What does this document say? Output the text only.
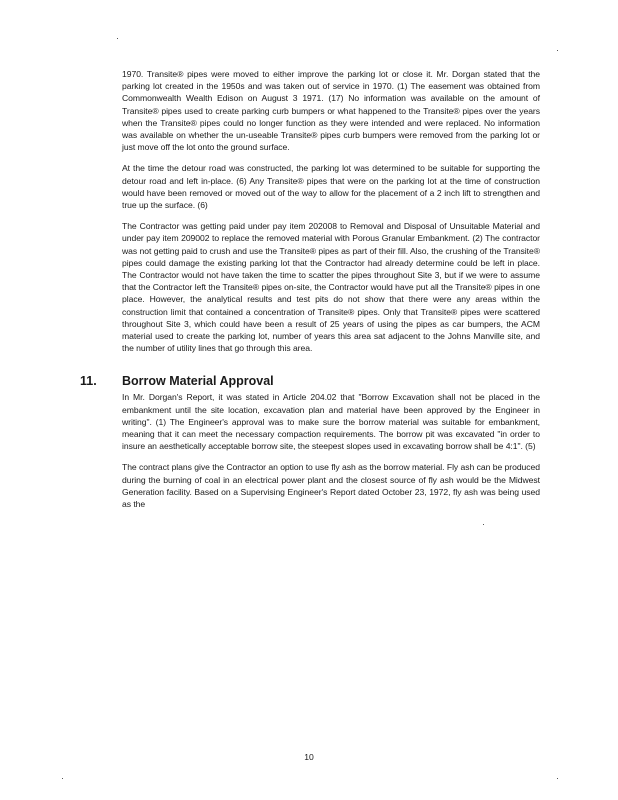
1970. Transite® pipes were moved to either improve the parking lot or close it. Mr. Dorgan stated that the parking lot created in the 1950s and was taken out of service in 1970. (1) The easement was obtained from Commonwealth Wealth Edison on August 3 1971. (17) No information was available on the amount of Transite® pipes used to create parking curb bumpers or what happened to the Transite® pipes over the years when the Transite® pipes could no longer function as they were intended and were replaced. No information was available on whether the un-useable Transite® pipes curb bumpers were removed from the parking lot or just move off the lot onto the ground surface.

At the time the detour road was constructed, the parking lot was determined to be suitable for supporting the detour road and left in-place. (6) Any Transite® pipes that were on the parking lot at the time of construction would have been removed or moved out of the way to allow for the placement of a 2 inch lift to strengthen and true up the surface. (6)

The Contractor was getting paid under pay item 202008 to Removal and Disposal of Unsuitable Material and under pay item 209002 to replace the removed material with Porous Granular Embankment. (2) The contractor was not getting paid to crush and use the Transite® pipes as part of their fill. Also, the crushing of the Transite® pipes could damage the existing parking lot that the Contractor had already determine could be left in place. The Contractor would not have taken the time to scatter the pipes throughout Site 3, but if we were to assume that the Contractor left the Transite® pipes on-site, the Contractor would have put all the Transite® pipes in one place. However, the analytical results and test pits do not show that there were any areas within the construction limit that contained a concentration of Transite® pipes. Only that Transite® pipes were scattered throughout Site 3, which could have been a result of 25 years of using the pipes as car bumpers, the ACM material used to create the parking lot, number of years this area sat adjacent to the Johns Manville site, and the number of utility lines that go through this area.

11. Borrow Material Approval

In Mr. Dorgan's Report, it was stated in Article 204.02 that "Borrow Excavation shall not be placed in the embankment until the site location, excavation plan and material have been approved by the Engineer in writing". (1) The Engineer's approval was to make sure the borrow material was suitable for embankment, meaning that it can meet the necessary compaction requirements. The borrow pit was excavated "in order to insure an aesthetically acceptable borrow site, the steepest slopes used in excavating borrow shall be 4:1". (5)

The contract plans give the Contractor an option to use fly ash as the borrow material. Fly ash can be produced during the burning of coal in an electrical power plant and the closest source of fly ash would be the Midwest Generation facility. Based on a Supervising Engineer's Report dated October 23, 1972, fly ash was being used as the

10
